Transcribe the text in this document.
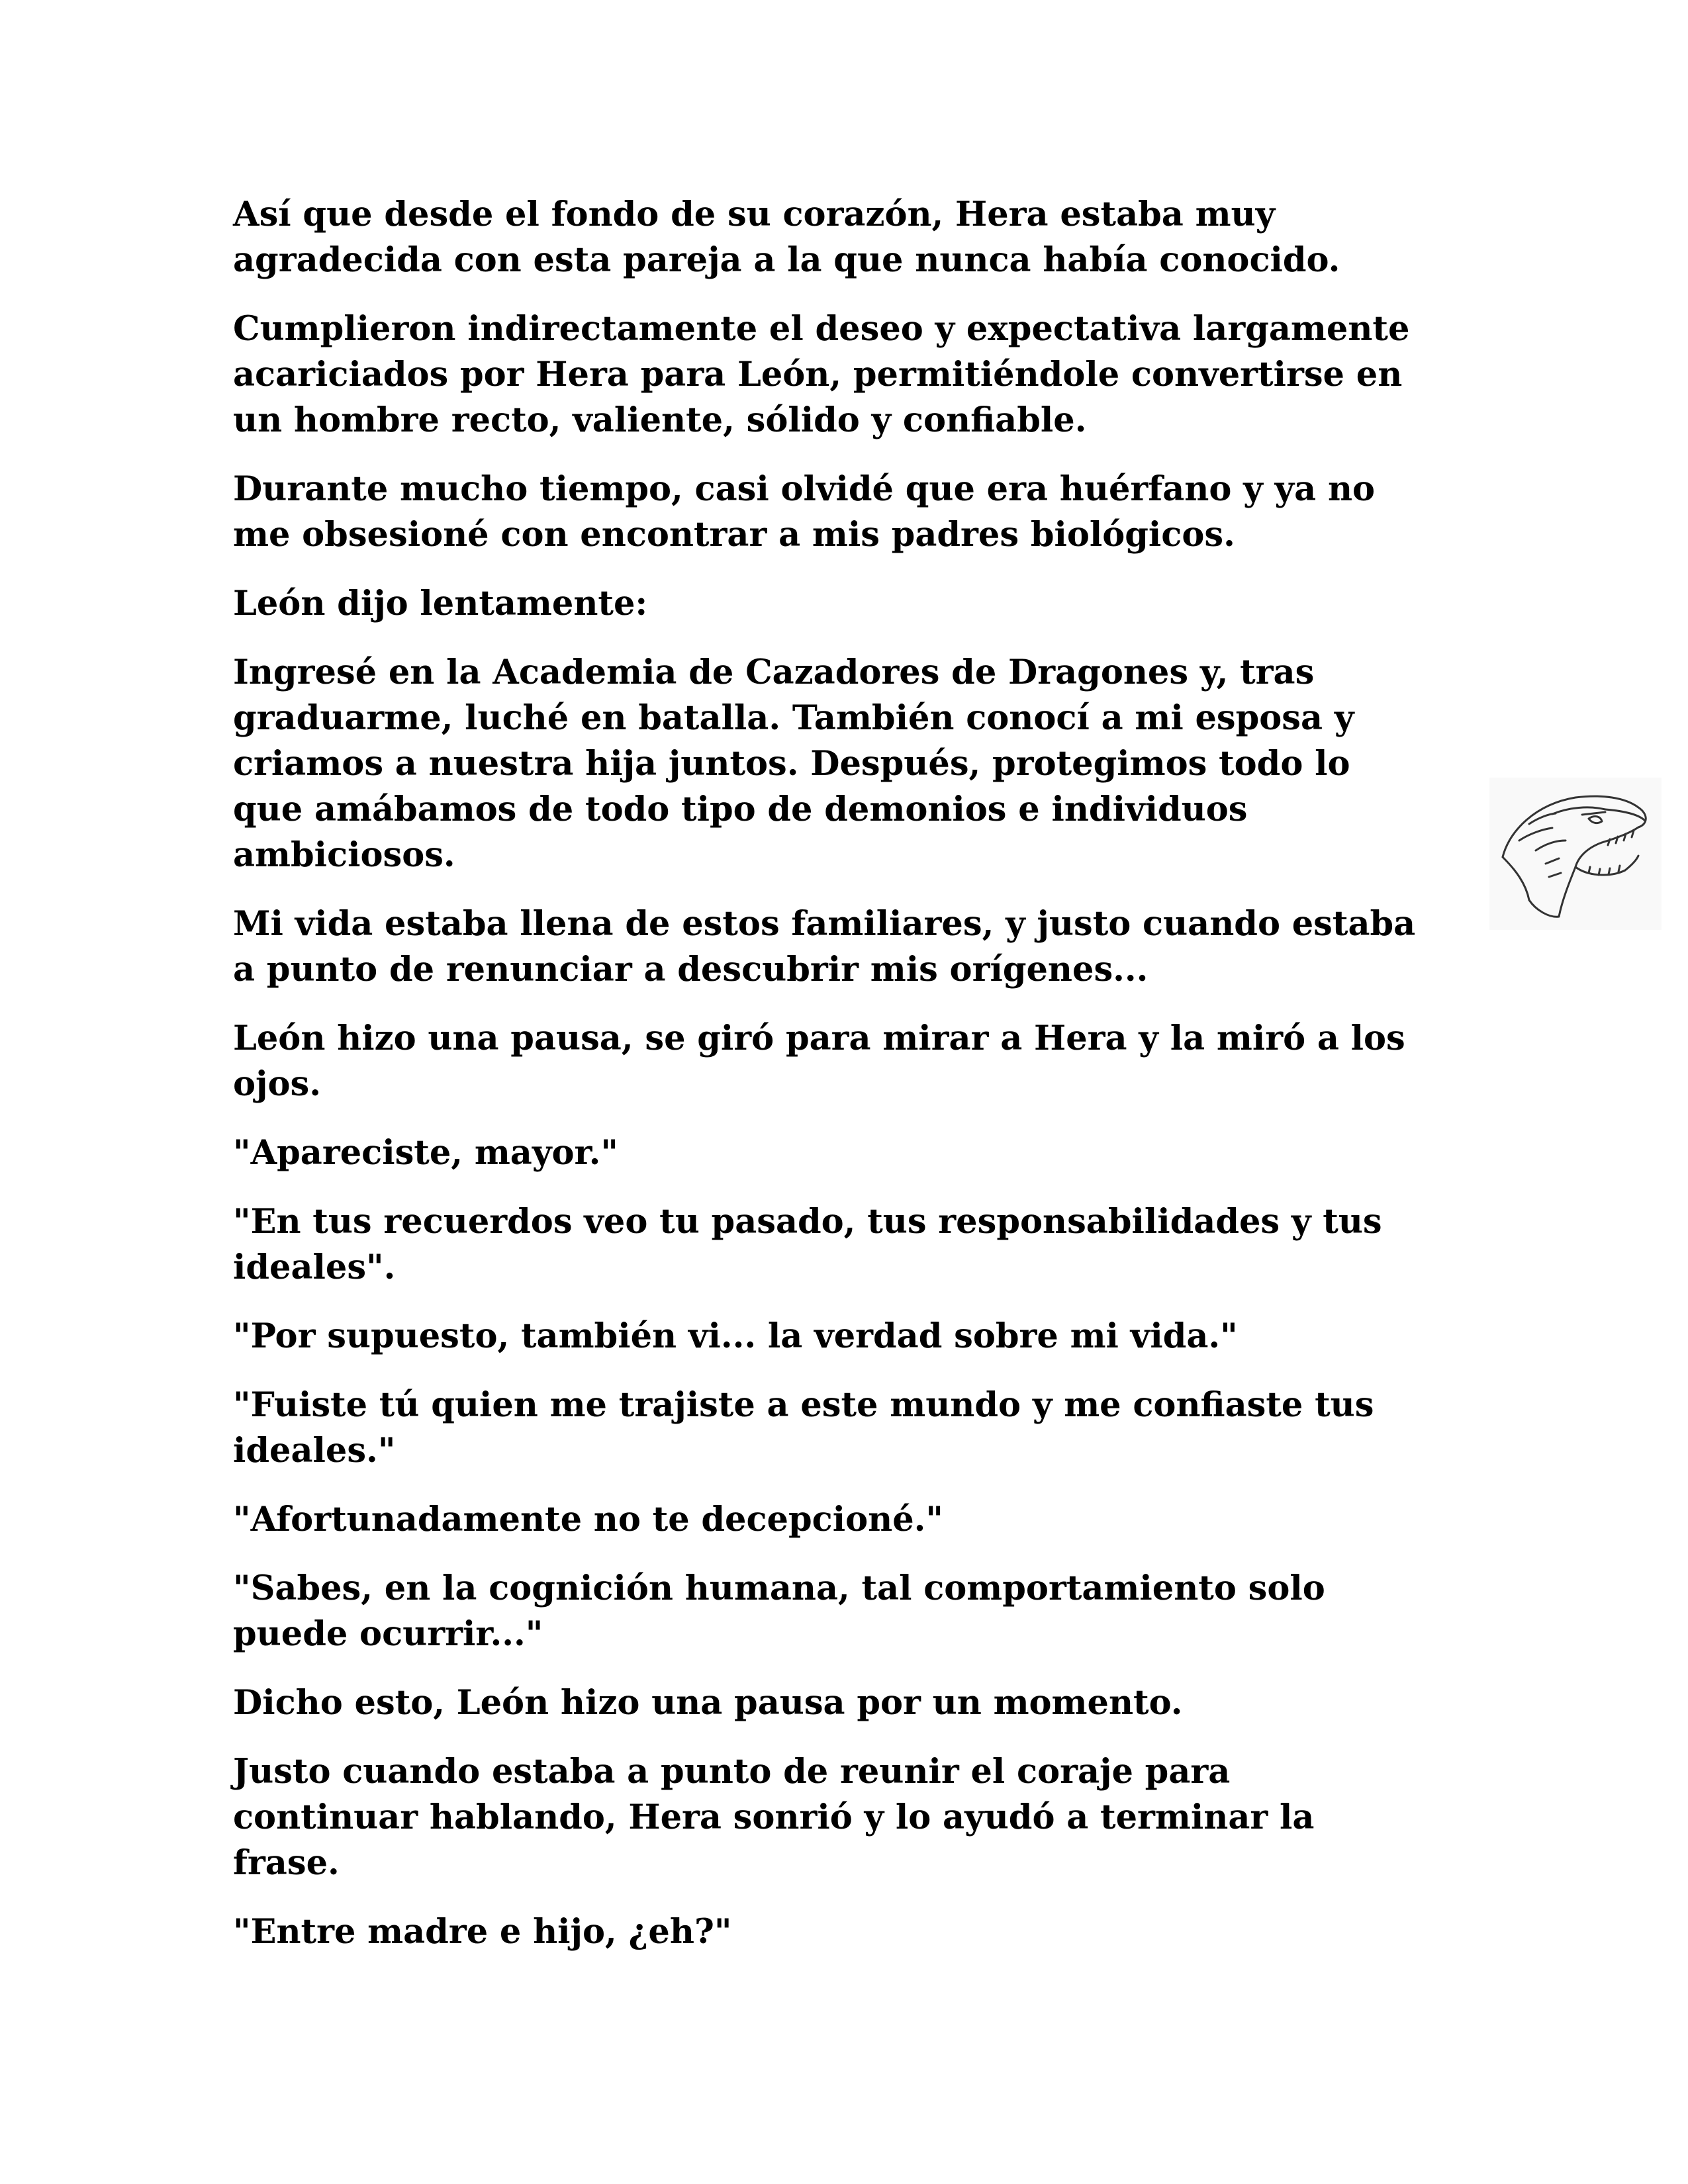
Así que desde el fondo de su corazón, Hera estaba muy
agradecida con esta pareja a la que nunca había conocido.

Cumplieron indirectamente el deseo y expectativa largamente
acariciados por Hera para León, permitiéndole convertirse en
un hombre recto, valiente, sólido y confiable.

Durante mucho tiempo, casi olvidé que era huérfano y ya no
me obsesioné con encontrar a mis padres biológicos.

León dijo lentamente:

Ingresé en la Academia de Cazadores de Dragones y, tras
graduarme, luché en batalla. También conocí a mi esposa y
criamos a nuestra hija juntos. Después, protegimos todo lo
que amábamos de todo tipo de demonios e individuos
ambiciosos.

Mi vida estaba llena de estos familiares, y justo cuando estaba
a punto de renunciar a descubrir mis orígenes...

León hizo una pausa, se giró para mirar a Hera y la miró a los
ojos.

"Apareciste, mayor."

"En tus recuerdos veo tu pasado, tus responsabilidades y tus
ideales".

"Por supuesto, también vi... la verdad sobre mi vida."

"Fuiste tú quien me trajiste a este mundo y me confiaste tus
ideales."

"Afortunadamente no te decepcioné."

"Sabes, en la cognición humana, tal comportamiento solo
puede ocurrir..."

Dicho esto, León hizo una pausa por un momento.

Justo cuando estaba a punto de reunir el coraje para
continuar hablando, Hera sonrió y lo ayudó a terminar la
frase.

"Entre madre e hijo, ¿eh?"
